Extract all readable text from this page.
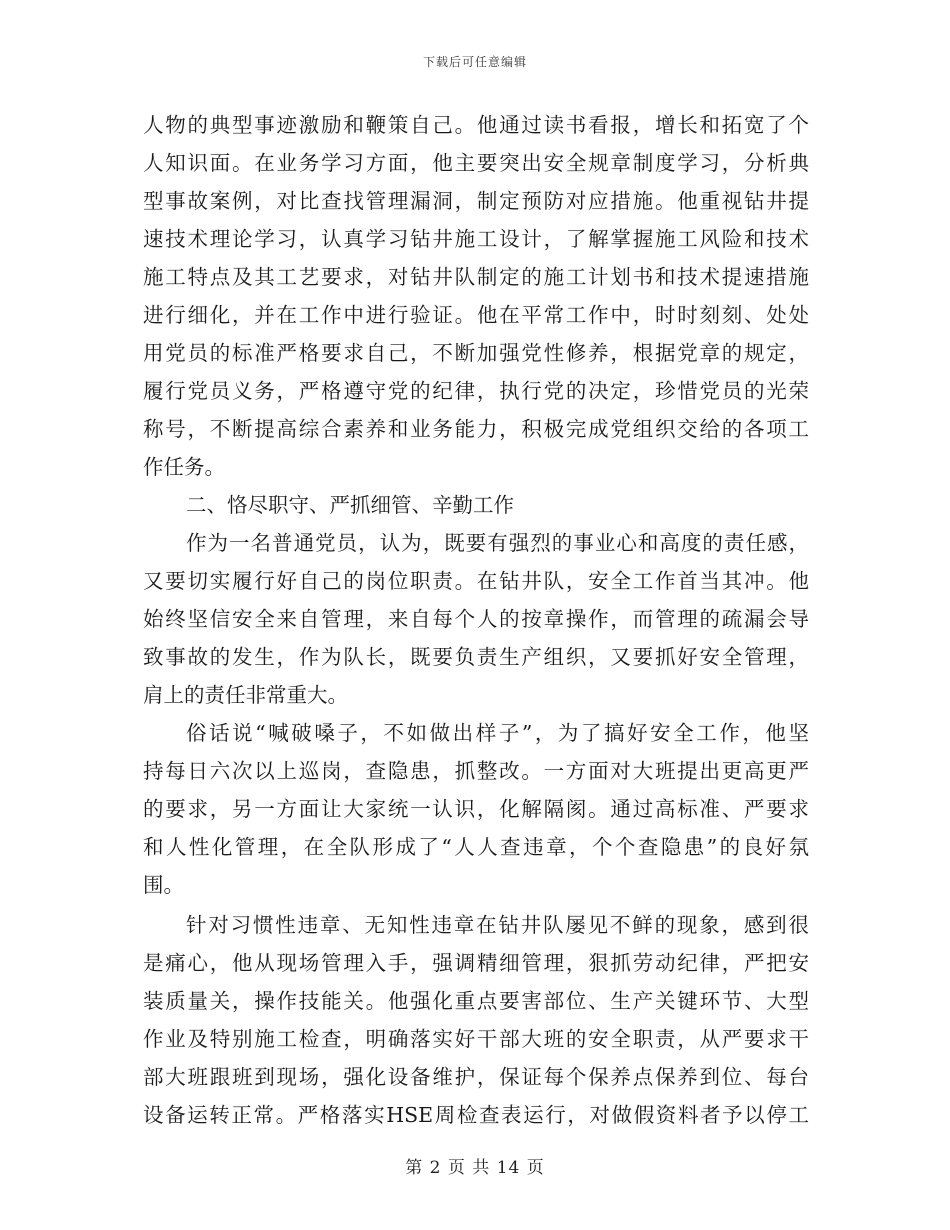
下载后可任意编辑
人物的典型事迹激励和鞭策自己。他通过读书看报，增长和拓宽了个
人知识面。在业务学习方面，他主要突出安全规章制度学习，分析典
型事故案例，对比查找管理漏洞，制定预防对应措施。他重视钻井提
速技术理论学习，认真学习钻井施工设计，了解掌握施工风险和技术
施工特点及其工艺要求，对钻井队制定的施工计划书和技术提速措施
进行细化，并在工作中进行验证。他在平常工作中，时时刻刻、处处
用党员的标准严格要求自己，不断加强党性修养，根据党章的规定，
履行党员义务，严格遵守党的纪律，执行党的决定，珍惜党员的光荣
称号，不断提高综合素养和业务能力，积极完成党组织交给的各项工
作任务。
二、恪尽职守、严抓细管、辛勤工作
作为一名普通党员，认为，既要有强烈的事业心和高度的责任感，
又要切实履行好自己的岗位职责。在钻井队，安全工作首当其冲。他
始终坚信安全来自管理，来自每个人的按章操作，而管理的疏漏会导
致事故的发生，作为队长，既要负责生产组织，又要抓好安全管理，
肩上的责任非常重大。
俗话说“喊破嗓子，不如做出样子”，为了搞好安全工作，他坚
持每日六次以上巡岗，查隐患，抓整改。一方面对大班提出更高更严
的要求，另一方面让大家统一认识，化解隔阂。通过高标准、严要求
和人性化管理，在全队形成了“人人查违章，个个查隐患”的良好氛
围。
针对习惯性违章、无知性违章在钻井队屡见不鲜的现象，感到很
是痛心，他从现场管理入手，强调精细管理，狠抓劳动纪律，严把安
装质量关，操作技能关。他强化重点要害部位、生产关键环节、大型
作业及特别施工检查，明确落实好干部大班的安全职责，从严要求干
部大班跟班到现场，强化设备维护，保证每个保养点保养到位、每台
设备运转正常。严格落实HSE周检查表运行，对做假资料者予以停工
第 2 页 共 14 页
